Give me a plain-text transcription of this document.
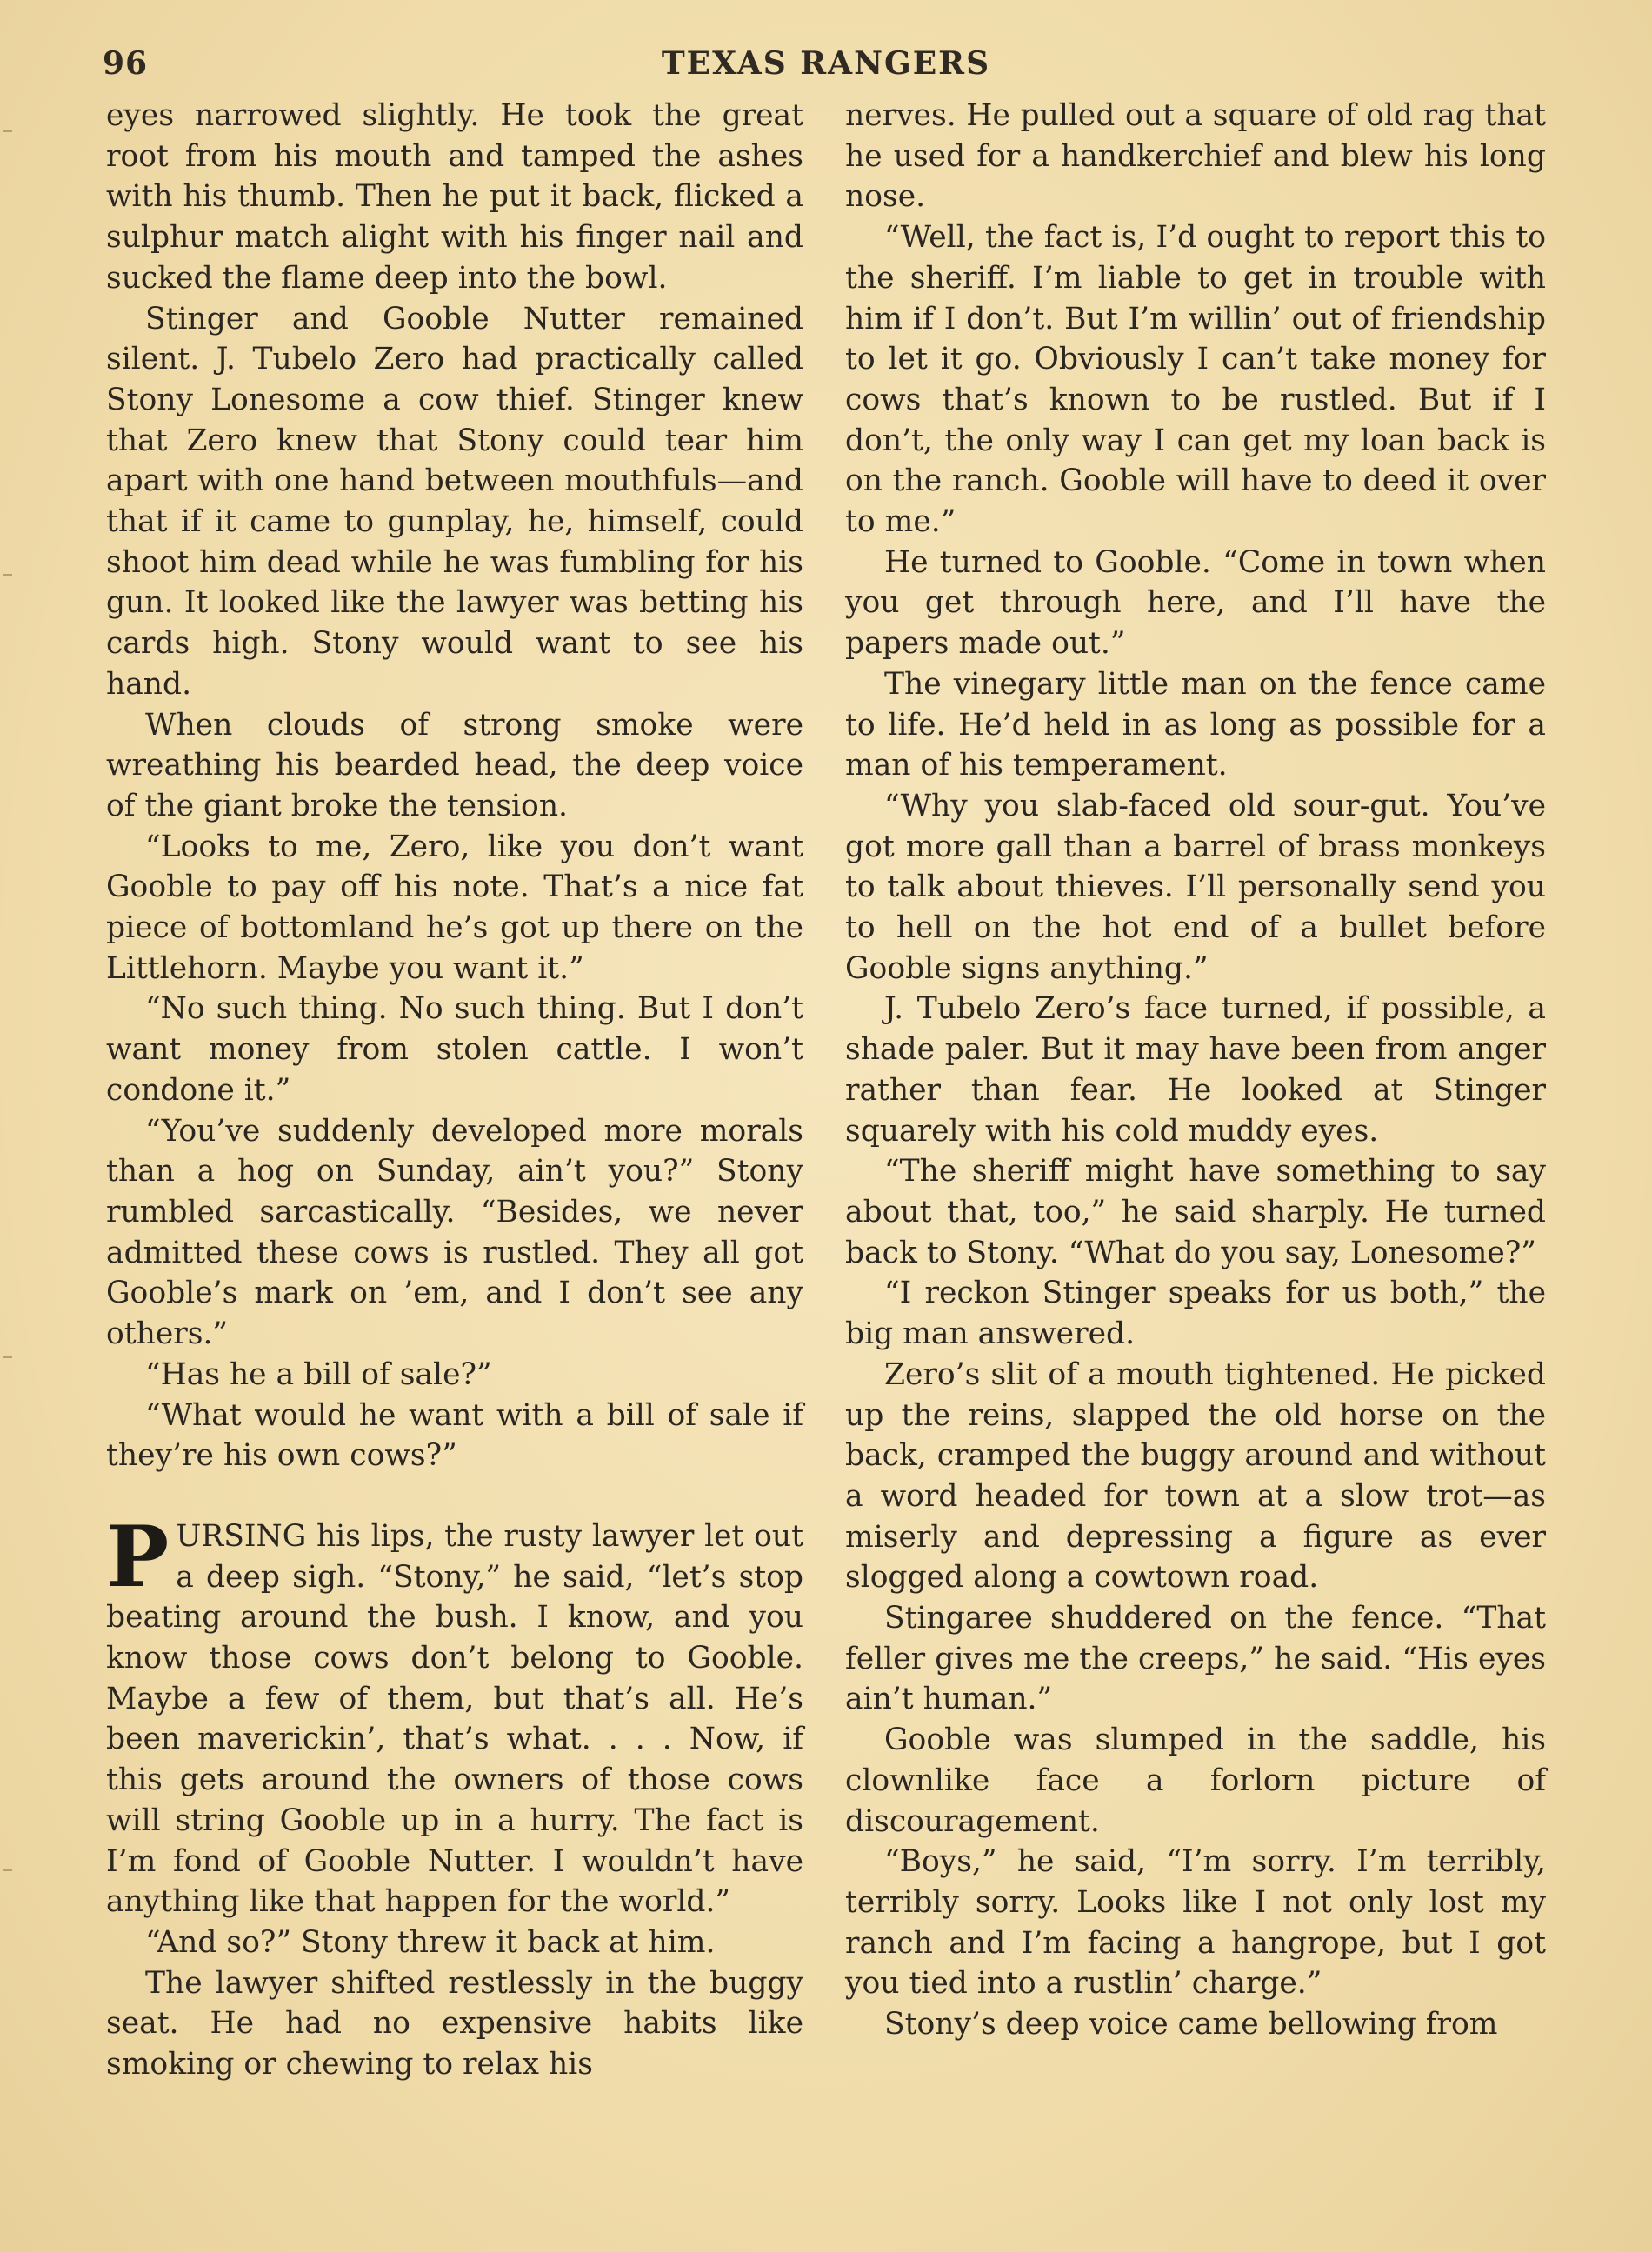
96	TEXAS RANGERS

eyes narrowed slightly. He took the great root from his mouth and tamped the ashes with his thumb. Then he put it back, flicked a sulphur match alight with his finger nail and sucked the flame deep into the bowl.

Stinger and Gooble Nutter remained silent. J. Tubelo Zero had practically called Stony Lonesome a cow thief. Stinger knew that Zero knew that Stony could tear him apart with one hand between mouthfuls—and that if it came to gunplay, he, himself, could shoot him dead while he was fumbling for his gun. It looked like the lawyer was betting his cards high. Stony would want to see his hand.

When clouds of strong smoke were wreathing his bearded head, the deep voice of the giant broke the tension.

“Looks to me, Zero, like you don’t want Gooble to pay off his note. That’s a nice fat piece of bottomland he’s got up there on the Littlehorn. Maybe you want it.”

“No such thing. No such thing. But I don’t want money from stolen cattle. I won’t condone it.”

“You’ve suddenly developed more morals than a hog on Sunday, ain’t you?” Stony rumbled sarcastically. “Besides, we never admitted these cows is rustled. They all got Gooble’s mark on ’em, and I don’t see any others.”

“Has he a bill of sale?”

“What would he want with a bill of sale if they’re his own cows?”

PURSING his lips, the rusty lawyer let out a deep sigh. “Stony,” he said, “let’s stop beating around the bush. I know, and you know those cows don’t belong to Gooble. Maybe a few of them, but that’s all. He’s been maverickin’, that’s what. . . . Now, if this gets around the owners of those cows will string Gooble up in a hurry. The fact is I’m fond of Gooble Nutter. I wouldn’t have anything like that happen for the world.”

“And so?” Stony threw it back at him.

The lawyer shifted restlessly in the buggy seat. He had no expensive habits like smoking or chewing to relax his

nerves. He pulled out a square of old rag that he used for a handkerchief and blew his long nose.

“Well, the fact is, I’d ought to report this to the sheriff. I’m liable to get in trouble with him if I don’t. But I’m willin’ out of friendship to let it go. Obviously I can’t take money for cows that’s known to be rustled. But if I don’t, the only way I can get my loan back is on the ranch. Gooble will have to deed it over to me.”

He turned to Gooble. “Come in town when you get through here, and I’ll have the papers made out.”

The vinegary little man on the fence came to life. He’d held in as long as possible for a man of his temperament.

“Why you slab-faced old sour-gut. You’ve got more gall than a barrel of brass monkeys to talk about thieves. I’ll personally send you to hell on the hot end of a bullet before Gooble signs anything.”

J. Tubelo Zero’s face turned, if possible, a shade paler. But it may have been from anger rather than fear. He looked at Stinger squarely with his cold muddy eyes.

“The sheriff might have something to say about that, too,” he said sharply. He turned back to Stony. “What do you say, Lonesome?”

“I reckon Stinger speaks for us both,” the big man answered.

Zero’s slit of a mouth tightened. He picked up the reins, slapped the old horse on the back, cramped the buggy around and without a word headed for town at a slow trot—as miserly and depressing a figure as ever slogged along a cowtown road.

Stingaree shuddered on the fence. “That feller gives me the creeps,” he said. “His eyes ain’t human.”

Gooble was slumped in the saddle, his clownlike face a forlorn picture of discouragement.

“Boys,” he said, “I’m sorry. I’m terribly, terribly sorry. Looks like I not only lost my ranch and I’m facing a hangrope, but I got you tied into a rustlin’ charge.”

Stony’s deep voice came bellowing from
